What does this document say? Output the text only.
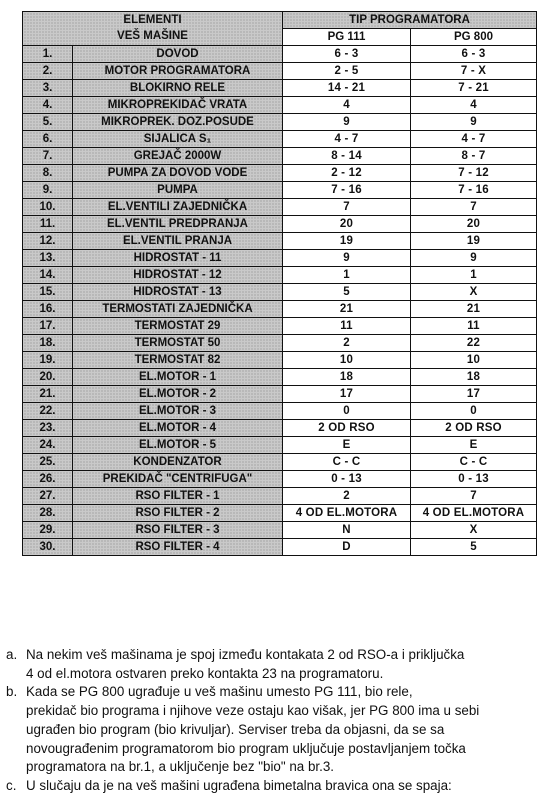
ELEMENTI
VEŠ MAŠINE		TIP PROGRAMATORA	
		PG 111	PG 800
1.	DOVOD	6 - 3	6 - 3
2.	MOTOR PROGRAMATORA	2 - 5	7 - X
3.	BLOKIRNO RELE	14 - 21	7 - 21
4.	MIKROPREKIDAČ VRATA	4	4
5.	MIKROPREK. DOZ.POSUDE	9	9
6.	SIJALICA S₁	4 - 7	4 - 7
7.	GREJAČ 2000W	8 - 14	8 - 7
8.	PUMPA ZA DOVOD VODE	2 - 12	7 - 12
9.	PUMPA	7 - 16	7 - 16
10.	EL.VENTILI ZAJEDNIČKA	7	7
11.	EL.VENTIL PREDPRANJA	20	20
12.	EL.VENTIL PRANJA	19	19
13.	HIDROSTAT - 11	9	9
14.	HIDROSTAT - 12	1	1
15.	HIDROSTAT - 13	5	X
16.	TERMOSTATI ZAJEDNIČKA	21	21
17.	TERMOSTAT 29	11	11
18.	TERMOSTAT 50	2	22
19.	TERMOSTAT 82	10	10
20.	EL.MOTOR - 1	18	18
21.	EL.MOTOR - 2	17	17
22.	EL.MOTOR - 3	0	0
23.	EL.MOTOR - 4	2 OD RSO	2 OD RSO
24.	EL.MOTOR - 5	E	E
25.	KONDENZATOR	C - C	C - C
26.	PREKIDAČ "CENTRIFUGA"	0 - 13	0 - 13
27.	RSO FILTER - 1	2	7
28.	RSO FILTER - 2	4 OD EL.MOTORA	4 OD EL.MOTORA
29.	RSO FILTER - 3	N	X
30.	RSO FILTER - 4	D	5
a. Na nekim veš mašinama je spoj između kontakata 2 od RSO-a i priključka
4 od el.motora ostvaren preko kontakta 23 na programatoru.
b. Kada se PG 800 ugrađuje u veš mašinu umesto PG 111, bio rele,
prekidač bio programa i njihove veze ostaju kao višak, jer PG 800 ima u sebi
ugrađen bio program (bio krivuljar). Serviser treba da objasni, da se sa
novougrađenim programatorom bio program uključuje postavljanjem točka
programatora na br.1, a uključenje bez "bio" na br.3.
c. U slučaju da je na veš mašini ugrađena bimetalna bravica ona se spaja:
